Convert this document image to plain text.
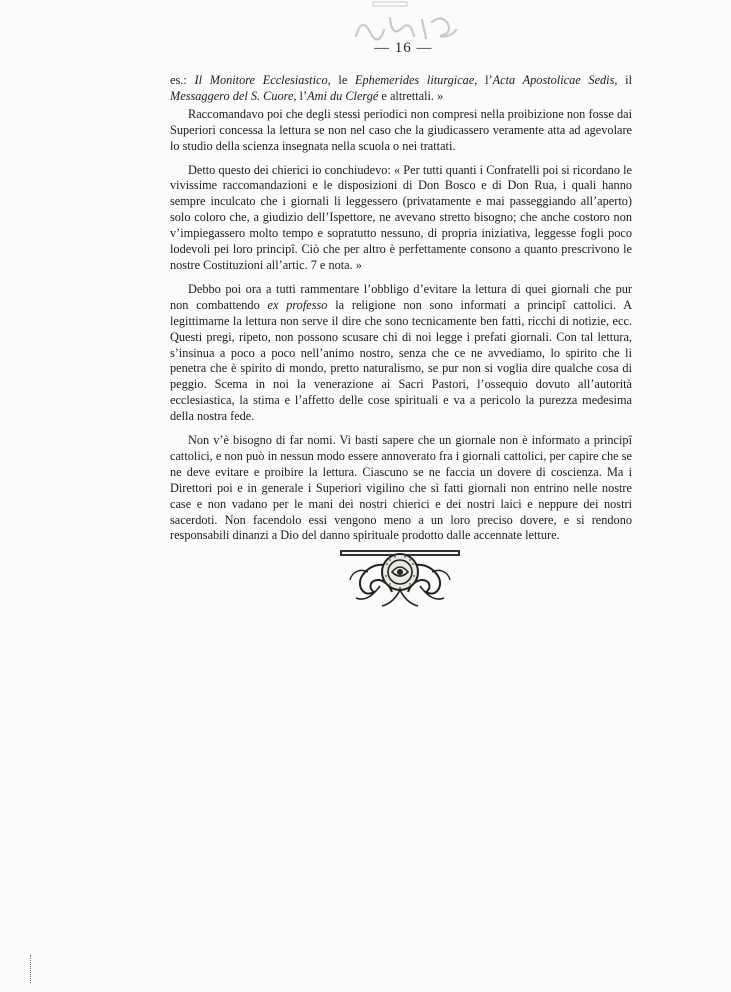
— 16 —

es.: Il Monitore Ecclesiastico, le Ephemerides liturgicae, l’Acta Apostolicae Sedis, il Messaggero del S. Cuore, l’Ami du Clergé e altrettali. »

Raccomandavo poi che degli stessi periodici non compresi nella proibizione non fosse dai Superiori concessa la lettura se non nel caso che la giudicassero veramente atta ad agevolare lo studio della scienza insegnata nella scuola o nei trattati.

Detto questo dei chierici io conchiudevo: « Per tutti quanti i Confratelli poi si ricordano le vivissime raccomandazioni e le disposizioni di Don Bosco e di Don Rua, i quali hanno sempre inculcato che i giornali li leggessero (privatamente e mai passeggiando all’aperto) solo coloro che, a giudizio dell’Ispettore, ne avevano stretto bisogno; che anche costoro non v’impiegassero molto tempo e sopratutto nessuno, di propria iniziativa, leggesse fogli poco lodevoli pei loro principî. Ciò che per altro è perfettamente consono a quanto prescrivono le nostre Costituzioni all’artic. 7 e nota. »

Debbo poi ora a tutti rammentare l’obbligo d’evitare la lettura di quei giornali che pur non combattendo ex professo la religione non sono informati a principî cattolici. A legittimarne la lettura non serve il dire che sono tecnicamente ben fatti, ricchi di notizie, ecc. Questi pregi, ripeto, non possono scusare chi di noi legge i prefati giornali. Con tal lettura, s’insinua a poco a poco nell’animo nostro, senza che ce ne avvediamo, lo spirito che li penetra che è spirito di mondo, pretto naturalismo, se pur non si voglia dire qualche cosa di peggio. Scema in noi la venerazione ai Sacri Pastori, l’ossequio dovuto all’autorità ecclesiastica, la stima e l’affetto delle cose spirituali e va a pericolo la purezza medesima della nostra fede.

Non v’è bisogno di far nomi. Vi basti sapere che un giornale non è informato a principî cattolici, e non può in nessun modo essere annoverato fra i giornali cattolici, per capire che se ne deve evitare e proibire la lettura. Ciascuno se ne faccia un dovere di coscienza. Ma i Direttori poi e in generale i Superiori vigilino che sì fatti giornali non entrino nelle nostre case e non vadano per le mani dei nostri chierici e dei nostri laici e neppure dei nostri sacerdoti. Non facendolo essi vengono meno a un loro preciso dovere, e si rendono responsabili dinanzi a Dio del danno spirituale prodotto dalle accennate letture.
